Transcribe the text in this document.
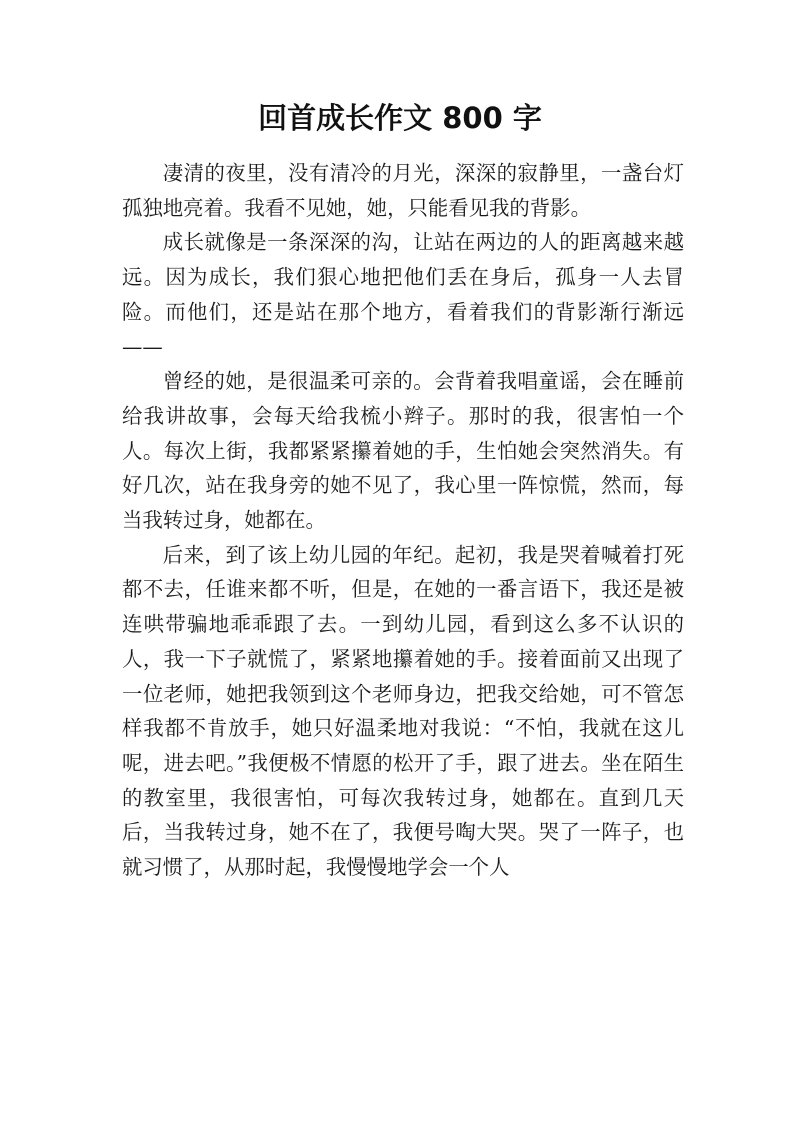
回首成长作文 800 字

凄清的夜里，没有清冷的月光，深深的寂静里，一盏台灯孤独地亮着。我看不见她，她，只能看见我的背影。

成长就像是一条深深的沟，让站在两边的人的距离越来越远。因为成长，我们狠心地把他们丢在身后，孤身一人去冒险。而他们，还是站在那个地方，看着我们的背影渐行渐远——

曾经的她，是很温柔可亲的。会背着我唱童谣，会在睡前给我讲故事，会每天给我梳小辫子。那时的我，很害怕一个人。每次上街，我都紧紧攥着她的手，生怕她会突然消失。有好几次，站在我身旁的她不见了，我心里一阵惊慌，然而，每当我转过身，她都在。

后来，到了该上幼儿园的年纪。起初，我是哭着喊着打死都不去，任谁来都不听，但是，在她的一番言语下，我还是被连哄带骗地乖乖跟了去。一到幼儿园，看到这么多不认识的人，我一下子就慌了，紧紧地攥着她的手。接着面前又出现了一位老师，她把我领到这个老师身边，把我交给她，可不管怎样我都不肯放手，她只好温柔地对我说：“不怕，我就在这儿呢，进去吧。”我便极不情愿的松开了手，跟了进去。坐在陌生的教室里，我很害怕，可每次我转过身，她都在。直到几天后，当我转过身，她不在了，我便号啕大哭。哭了一阵子，也就习惯了，从那时起，我慢慢地学会一个人
